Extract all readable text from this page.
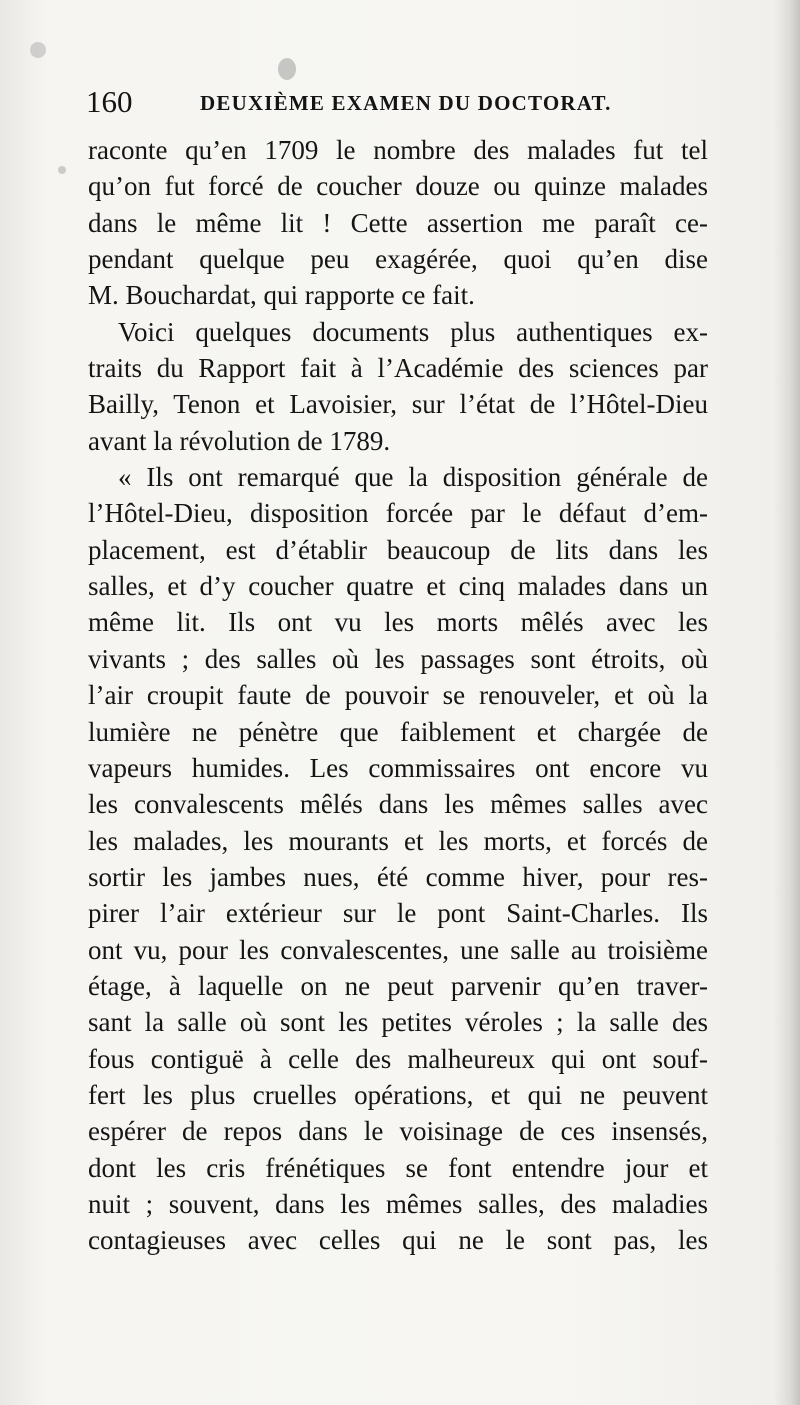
160	DEUXIÈME EXAMEN DU DOCTORAT.
raconte qu’en 1709 le nombre des malades fut tel
qu’on fut forcé de coucher douze ou quinze malades
dans le même lit ! Cette assertion me paraît ce-
pendant quelque peu exagérée, quoi qu’en dise
M. Bouchardat, qui rapporte ce fait.
Voici quelques documents plus authentiques ex-
traits du Rapport fait à l’Académie des sciences par
Bailly, Tenon et Lavoisier, sur l’état de l’Hôtel-Dieu
avant la révolution de 1789.
« Ils ont remarqué que la disposition générale de
l’Hôtel-Dieu, disposition forcée par le défaut d’em-
placement, est d’établir beaucoup de lits dans les
salles, et d’y coucher quatre et cinq malades dans un
même lit. Ils ont vu les morts mêlés avec les
vivants ; des salles où les passages sont étroits, où
l’air croupit faute de pouvoir se renouveler, et où la
lumière ne pénètre que faiblement et chargée de
vapeurs humides. Les commissaires ont encore vu
les convalescents mêlés dans les mêmes salles avec
les malades, les mourants et les morts, et forcés de
sortir les jambes nues, été comme hiver, pour res-
pirer l’air extérieur sur le pont Saint-Charles. Ils
ont vu, pour les convalescentes, une salle au troisième
étage, à laquelle on ne peut parvenir qu’en traver-
sant la salle où sont les petites véroles ; la salle des
fous contiguë à celle des malheureux qui ont souf-
fert les plus cruelles opérations, et qui ne peuvent
espérer de repos dans le voisinage de ces insensés,
dont les cris frénétiques se font entendre jour et
nuit ; souvent, dans les mêmes salles, des maladies
contagieuses avec celles qui ne le sont pas, les
